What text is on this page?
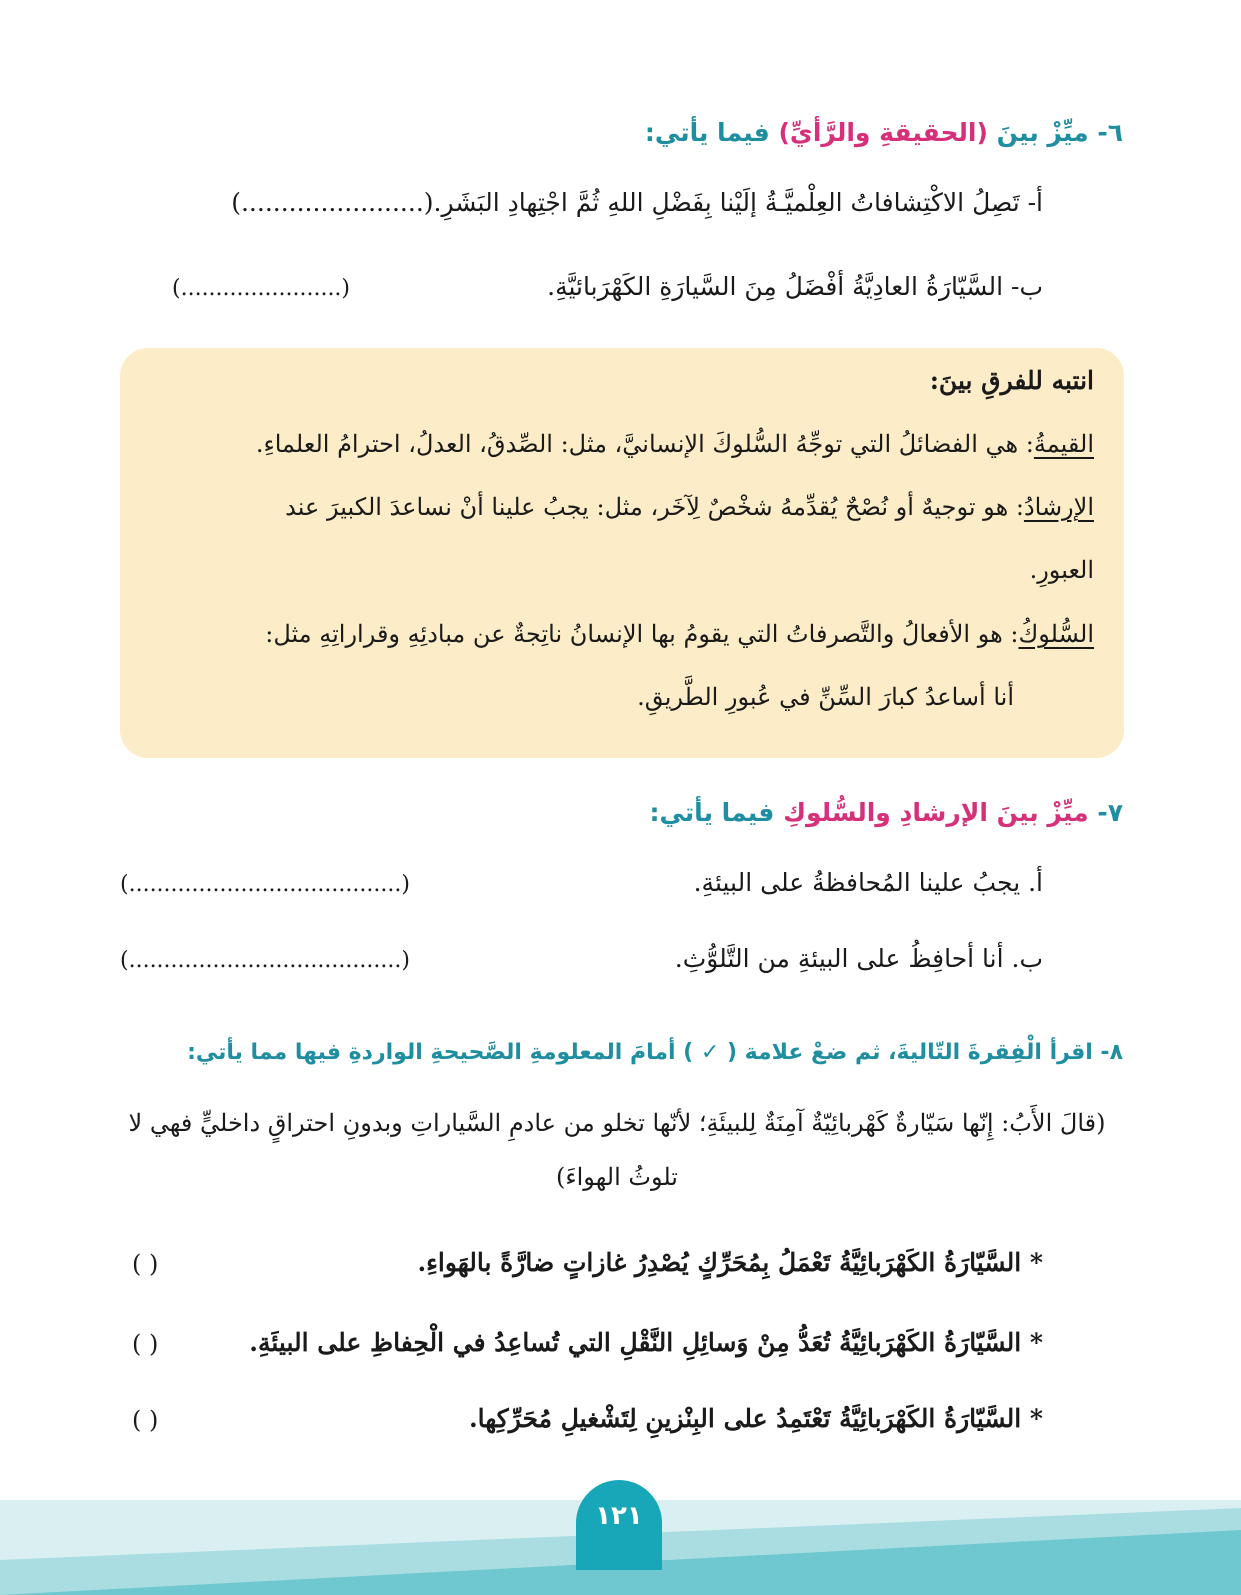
٦- ميِّزْ بينَ (الحقيقةِ والرَّأيِّ) فيما يأتي:
أ- تَصِلُ الاكْتِشافاتُ العِلْميَّـةُ إلَيْنا بِفَضْلِ اللهِ ثُمَّ اجْتِهادِ البَشَرِ.(.......................)
ب- السَّيّارَةُ العادِيَّةُ أفْضَلُ مِنَ السَّيارَةِ الكَهْرَبائيَّةِ.
(.......................)
انتبه للفرقِ بينَ:
القيمةُ: هي الفضائلُ التي توجِّهُ السُّلوكَ الإنسانيَّ، مثل: الصِّدقُ، العدلُ، احترامُ العلماءِ.
الإرشادُ: هو توجيهٌ أو نُصْحٌ يُقدِّمهُ شخْصٌ لِآخَر، مثل: يجبُ علينا أنْ نساعدَ الكبيرَ عند
العبورِ.
السُّلوكُ: هو الأفعالُ والتَّصرفاتُ التي يقومُ بها الإنسانُ ناتِجةٌ عن مبادئِهِ وقراراتِهِ مثل:
أنا أساعدُ كبارَ السِّنِّ في عُبورِ الطَّريقِ.
٧- ميِّزْ بينَ الإرشادِ والسُّلوكِ فيما يأتي:
أ. يجبُ علينا المُحافظةُ على البيئةِ.
(.......................................)
ب. أنا أحافِظُ على البيئةِ من التَّلوُّثِ.
(.......................................)
٨- اقرأ الْفِقرةَ التّاليةَ، ثم ضعْ علامة ( ✓ ) أمامَ المعلومةِ الصَّحيحةِ الواردةِ فيها مما يأتي:
(قالَ الأَبُ: إِنّها سَيّارةٌ كَهْربائِيّةٌ آمِنَةٌ لِلبيئَةِ؛ لأنّها تخلو من عادمِ السَّياراتِ وبدونِ احتراقٍ داخليٍّ فهي لا تلوثُ الهواءَ)
* السَّيّارَةُ الكَهْرَبائِيَّةُ تَعْمَلُ بِمُحَرِّكٍ يُصْدِرُ غازاتٍ ضارَّةً بالهَواءِ.
( )
* السَّيّارَةُ الكَهْرَبائِيَّةُ تُعَدُّ مِنْ وَسائِلِ النَّقْلِ التي تُساعِدُ في الْحِفاظِ على البيئَةِ.
( )
* السَّيّارَةُ الكَهْرَبائِيَّةُ تَعْتَمِدُ على البِنْزينِ لِتَشْغيلِ مُحَرِّكِها.
( )
١٢١
